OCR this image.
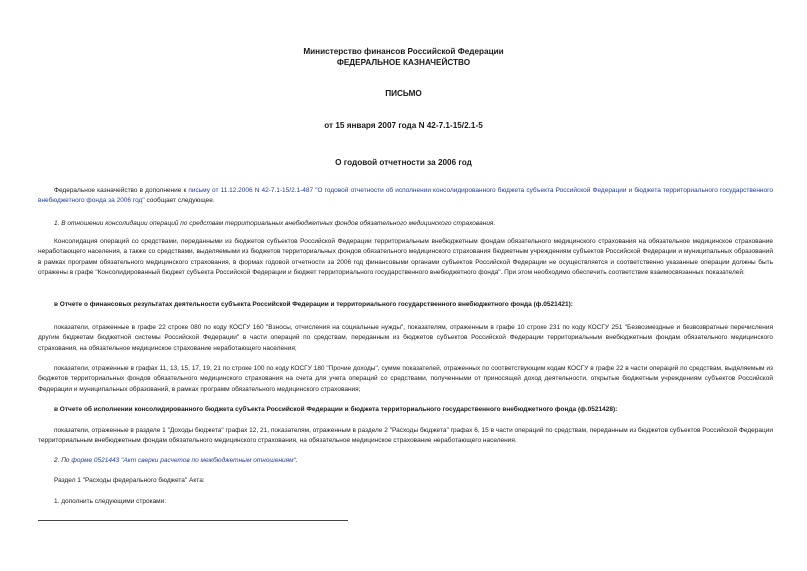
Министерство финансов Российской Федерации
ФЕДЕРАЛЬНОЕ КАЗНАЧЕЙСТВО
ПИСЬМО
от 15 января 2007 года N 42-7.1-15/2.1-5
О годовой отчетности за 2006 год
Федеральное казначейство в дополнение к письму от 11.12.2006 N 42-7.1-15/2.1-487 "О годовой отчетности об исполнении консолидированного бюджета субъекта Российской Федерации и бюджета территориального государственного внебюджетного фонда за 2006 год" сообщает следующее.
1. В отношении консолидации операций по средствам территориальных внебюджетных фондов обязательного медицинского страхования.
Консолидация операций со средствами, переданными из бюджетов субъектов Российской Федерации территориальным внебюджетным фондам обязательного медицинского страхования на обязательное медицинское страхование неработающего населения, а также со средствами, выделяемыми из бюджетов территориальных фондов обязательного медицинского страхования бюджетным учреждениям субъектов Российской Федерации и муниципальных образований в рамках программ обязательного медицинского страхования, в формах годовой отчетности за 2006 год финансовыми органами субъектов Российской Федерации не осуществляется и соответственно указанные операции должны быть отражены в графе "Консолидированный бюджет субъекта Российской Федерации и бюджет территориального государственного внебюджетного фонда". При этом необходимо обеспечить соответствие взаимосвязанных показателей:
в Отчете о финансовых результатах деятельности субъекта Российской Федерации и территориального государственного внебюджетного фонда (ф.0521421):
показатели, отраженные в графе 22 строке 080 по коду КОСГУ 160 "Взносы, отчисления на социальные нужды", показателям, отраженным в графе 10 строке 231 по коду КОСГУ 251 "Безвозмездные и безвозвратные перечисления другим бюджетам бюджетной системы Российской Федерации" в части операций по средствам, переданным из бюджетов субъектов Российской Федерации территориальным внебюджетным фондам обязательного медицинского страхования, на обязательное медицинское страхование неработающего населения;
показатели, отраженные в графах 11, 13, 15, 17, 19, 21 по строке 100 по коду КОСГУ 180 "Прочие доходы", сумме показателей, отраженных по соответствующим кодам КОСГУ в графе 22 в части операций по средствам, выделяемым из бюджетов территориальных фондов обязательного медицинского страхования на счета для учета операций со средствами, полученными от приносящей доход деятельности, открытые бюджетным учреждениям субъектов Российской Федерации и муниципальных образований, в рамках программ обязательного медицинского страхования;
в Отчете об исполнении консолидированного бюджета субъекта Российской Федерации и бюджета территориального государственного внебюджетного фонда (ф.0521428):
показатели, отраженные в разделе 1 "Доходы бюджета" графах 12, 21, показателям, отраженным в разделе 2 "Расходы бюджета" графах 6, 15 в части операций по средствам, переданным из бюджетов субъектов Российской Федерации территориальным внебюджетным фондам обязательного медицинского страхования, на обязательное медицинское страхование неработающего населения.
2. По форме 0521443 "Акт сверки расчетов по межбюджетным отношениям".
Раздел 1 "Расходы федерального бюджета" Акта:
1. дополнить следующими строками:
